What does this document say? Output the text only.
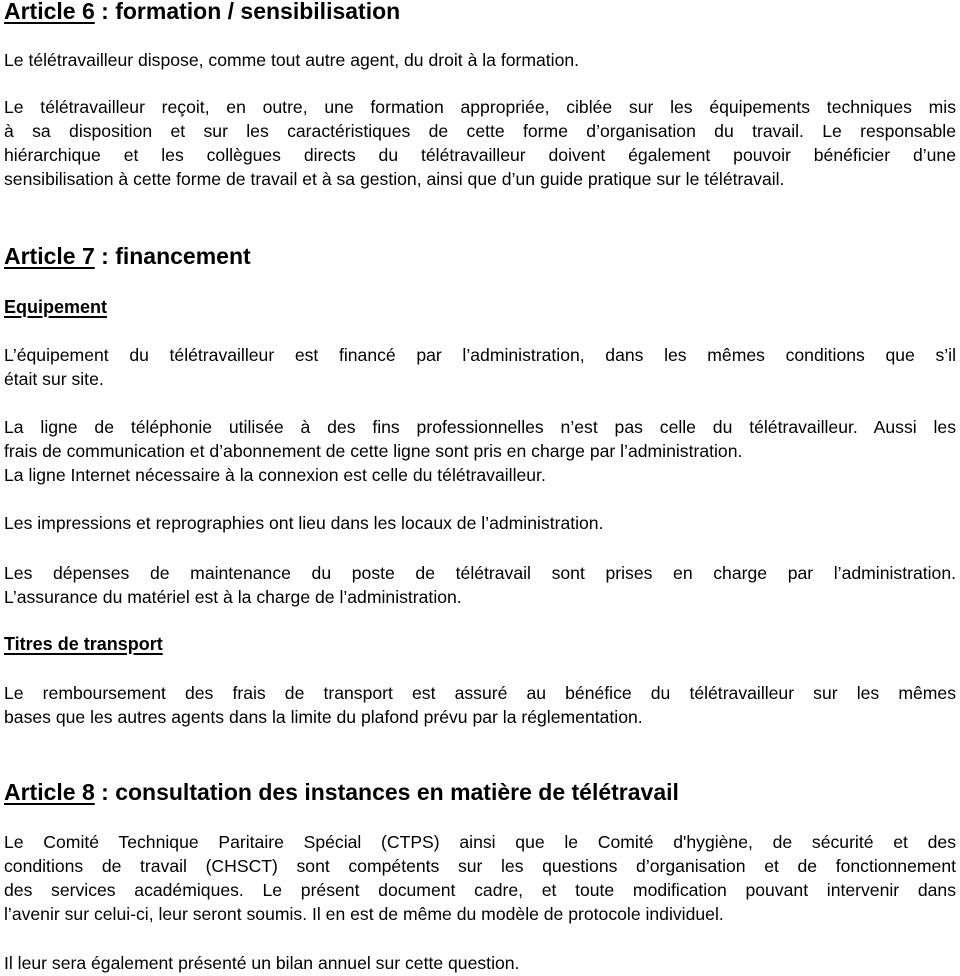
Article 6 : formation / sensibilisation

Le télétravailleur dispose, comme tout autre agent, du droit à la formation.

Le télétravailleur reçoit, en outre, une formation appropriée, ciblée sur les équipements techniques mis
à sa disposition et sur les caractéristiques de cette forme d’organisation du travail. Le responsable
hiérarchique et les collègues directs du télétravailleur doivent également pouvoir bénéficier d’une
sensibilisation à cette forme de travail et à sa gestion, ainsi que d’un guide pratique sur le télétravail.

Article 7 : financement
Equipement

L’équipement du télétravailleur est financé par l’administration, dans les mêmes conditions que s’il
était sur site.

La ligne de téléphonie utilisée à des fins professionnelles n’est pas celle du télétravailleur. Aussi les
frais de communication et d’abonnement de cette ligne sont pris en charge par l’administration.
La ligne Internet nécessaire à la connexion est celle du télétravailleur.

Les impressions et reprographies ont lieu dans les locaux de l’administration.

Les dépenses de maintenance du poste de télétravail sont prises en charge par l’administration.
L’assurance du matériel est à la charge de l’administration.

Titres de transport

Le remboursement des frais de transport est assuré au bénéfice du télétravailleur sur les mêmes
bases que les autres agents dans la limite du plafond prévu par la réglementation.

Article 8 : consultation des instances en matière de télétravail

Le Comité Technique Paritaire Spécial (CTPS) ainsi que le Comité d'hygiène, de sécurité et des
conditions de travail (CHSCT) sont compétents sur les questions d’organisation et de fonctionnement
des services académiques. Le présent document cadre, et toute modification pouvant intervenir dans
l’avenir sur celui-ci, leur seront soumis. Il en est de même du modèle de protocole individuel.

Il leur sera également présenté un bilan annuel sur cette question.
